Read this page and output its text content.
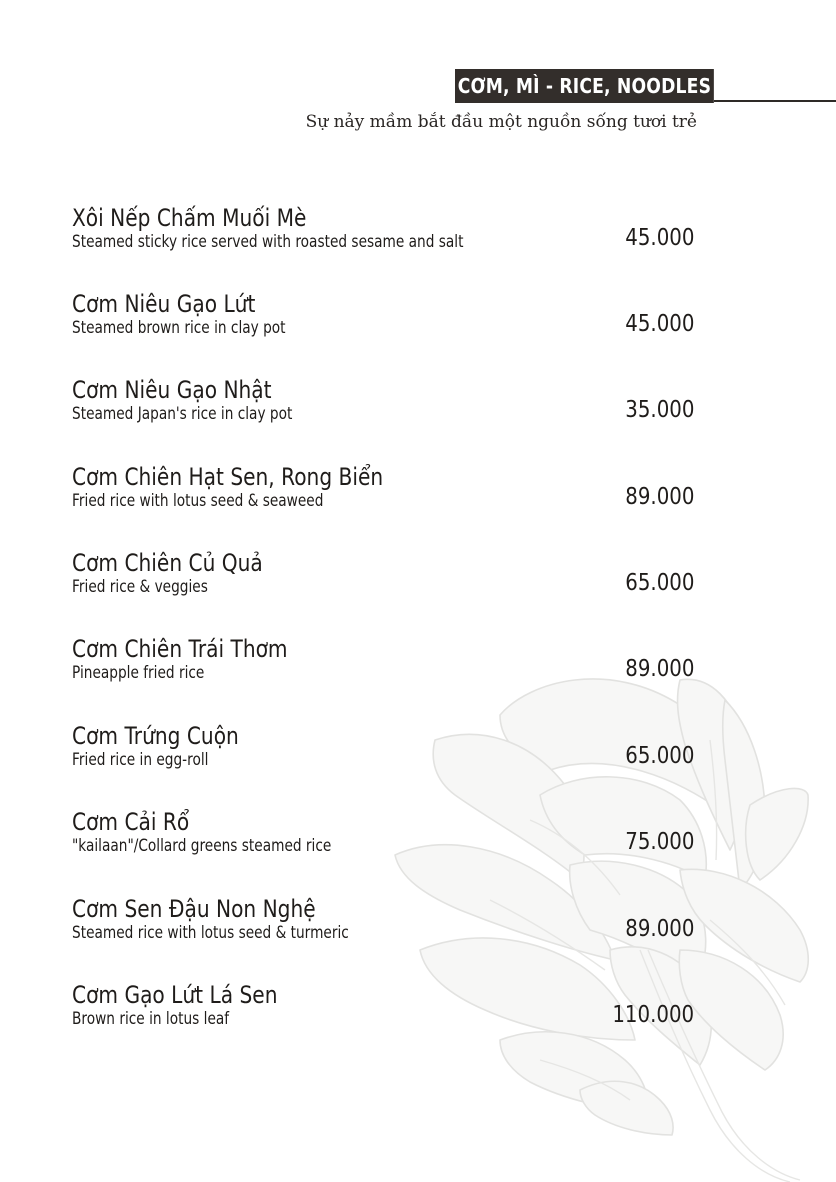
CƠM, MÌ - RICE, NOODLES
Sự nảy mầm bắt đầu một nguồn sống tươi trẻ
Xôi Nếp Chấm Muối Mè
Steamed sticky rice served with roasted sesame and salt	45.000
Cơm Niêu Gạo Lứt
Steamed brown rice in clay pot	45.000
Cơm Niêu Gạo Nhật
Steamed Japan's rice in clay pot	35.000
Cơm Chiên Hạt Sen, Rong Biển
Fried rice with lotus seed & seaweed	89.000
Cơm Chiên Củ Quả
Fried rice & veggies	65.000
Cơm Chiên Trái Thơm
Pineapple fried rice	89.000
Cơm Trứng Cuộn
Fried rice in egg-roll	65.000
Cơm Cải Rổ
"kailaan"/Collard greens steamed rice	75.000
Cơm Sen Đậu Non Nghệ
Steamed rice with lotus seed & turmeric	89.000
Cơm Gạo Lứt Lá Sen
Brown rice in lotus leaf	110.000
